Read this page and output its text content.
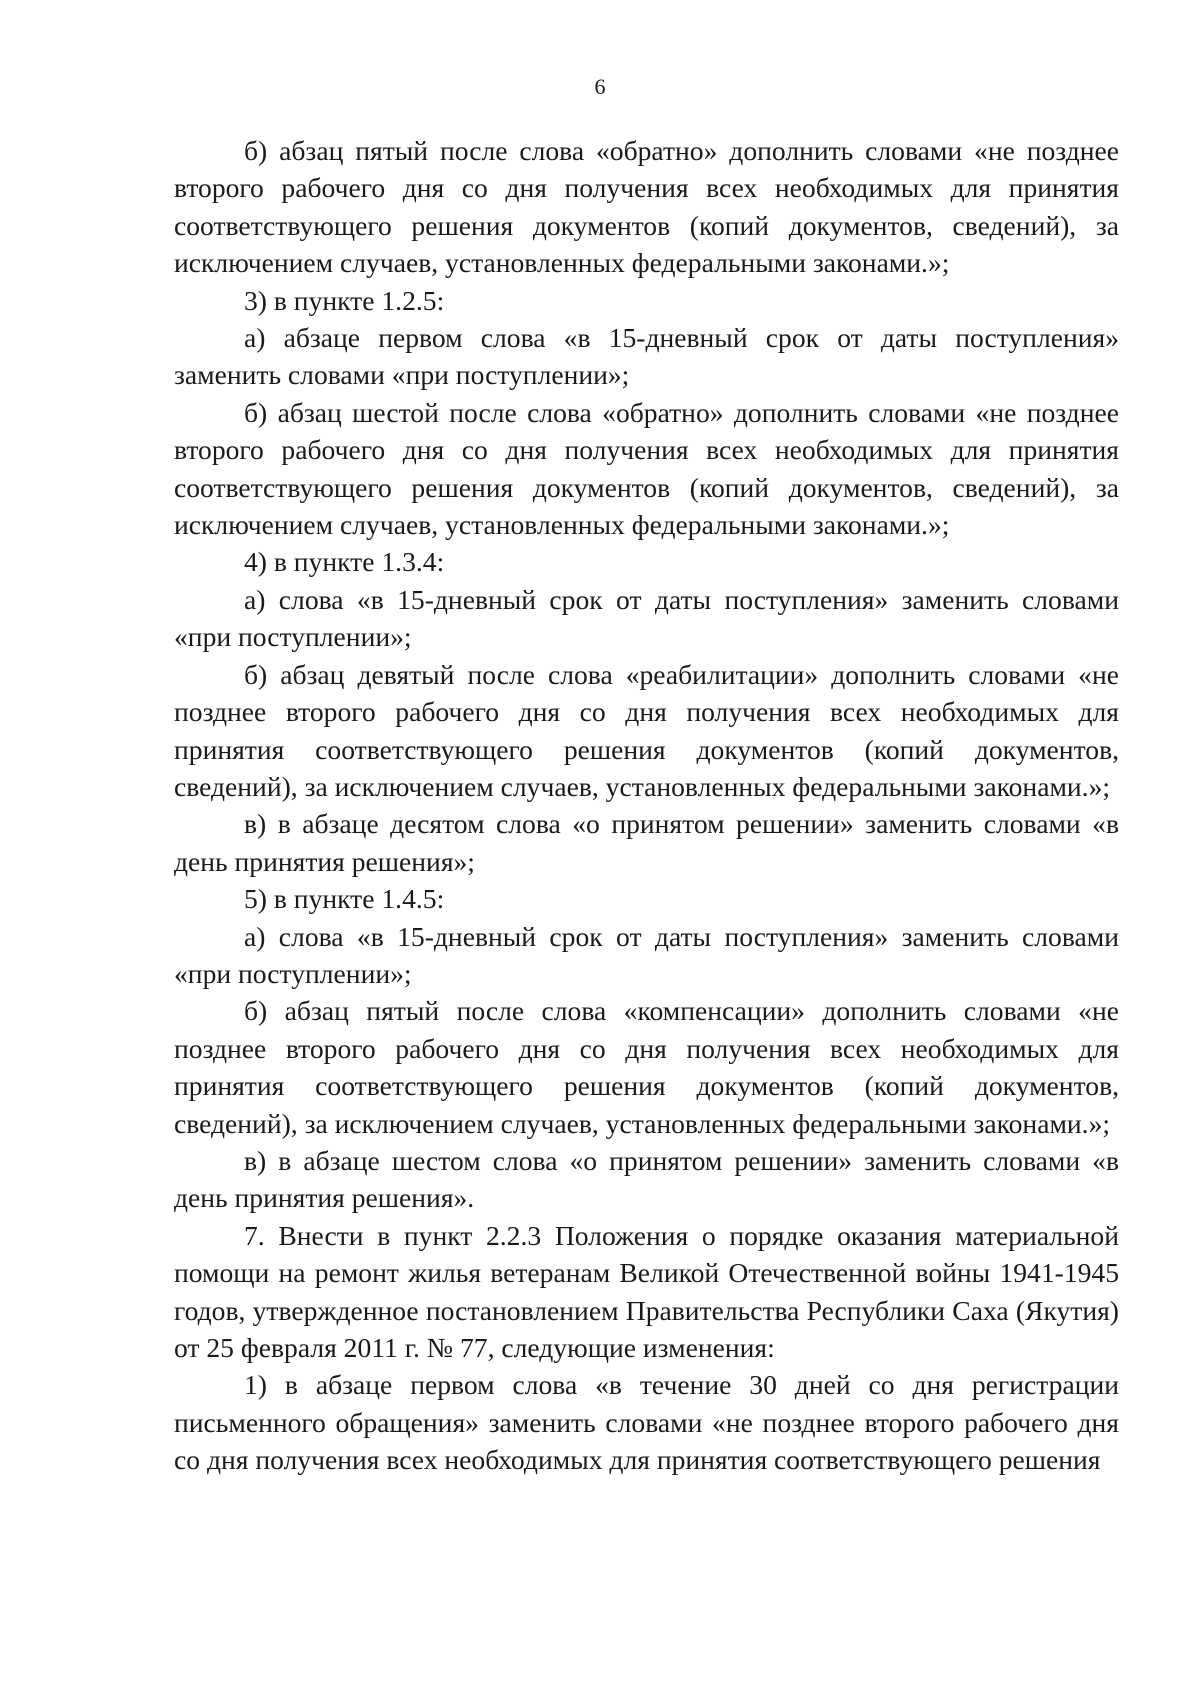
6

б) абзац пятый после слова «обратно» дополнить словами «не позднее второго рабочего дня со дня получения всех необходимых для принятия соответствующего решения документов (копий документов, сведений), за исключением случаев, установленных федеральными законами.»;

3) в пункте 1.2.5:

а) абзаце первом слова «в 15-дневный срок от даты поступления» заменить словами «при поступлении»;

б) абзац шестой после слова «обратно» дополнить словами «не позднее второго рабочего дня со дня получения всех необходимых для принятия соответствующего решения документов (копий документов, сведений), за исключением случаев, установленных федеральными законами.»;

4) в пункте 1.3.4:

а) слова «в 15-дневный срок от даты поступления» заменить словами «при поступлении»;

б) абзац девятый после слова «реабилитации» дополнить словами «не позднее второго рабочего дня со дня получения всех необходимых для принятия соответствующего решения документов (копий документов, сведений), за исключением случаев, установленных федеральными законами.»;

в) в абзаце десятом слова «о принятом решении» заменить словами «в день принятия решения»;

5) в пункте 1.4.5:

а) слова «в 15-дневный срок от даты поступления» заменить словами «при поступлении»;

б) абзац пятый после слова «компенсации» дополнить словами «не позднее второго рабочего дня со дня получения всех необходимых для принятия соответствующего решения документов (копий документов, сведений), за исключением случаев, установленных федеральными законами.»;

в) в абзаце шестом слова «о принятом решении» заменить словами «в день принятия решения».

7. Внести в пункт 2.2.3 Положения о порядке оказания материальной помощи на ремонт жилья ветеранам Великой Отечественной войны 1941-1945 годов, утвержденное постановлением Правительства Республики Саха (Якутия) от 25 февраля 2011 г. № 77, следующие изменения:

1) в абзаце первом слова «в течение 30 дней со дня регистрации письменного обращения» заменить словами «не позднее второго рабочего дня со дня получения всех необходимых для принятия соответствующего решения
